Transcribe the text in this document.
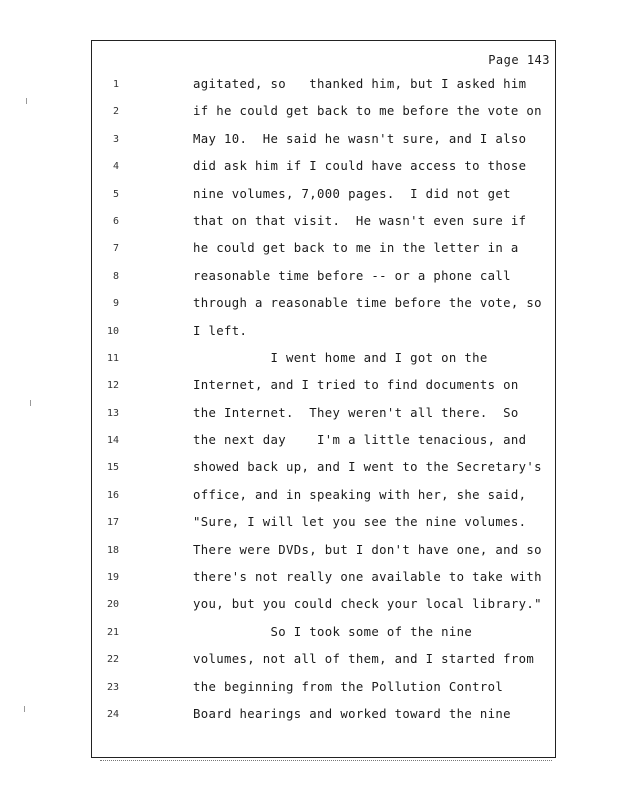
Page 143
1	agitated, so   thanked him, but I asked him
2	if he could get back to me before the vote on
3	May 10.  He said he wasn't sure, and I also
4	did ask him if I could have access to those
5	nine volumes, 7,000 pages.  I did not get
6	that on that visit.  He wasn't even sure if
7	he could get back to me in the letter in a
8	reasonable time before -- or a phone call
9	through a reasonable time before the vote, so
10	I left.
11	I went home and I got on the
12	Internet, and I tried to find documents on
13	the Internet.  They weren't all there.  So
14	the next day    I'm a little tenacious, and
15	showed back up, and I went to the Secretary's
16	office, and in speaking with her, she said,
17	"Sure, I will let you see the nine volumes.
18	There were DVDs, but I don't have one, and so
19	there's not really one available to take with
20	you, but you could check your local library."
21	So I took some of the nine
22	volumes, not all of them, and I started from
23	the beginning from the Pollution Control
24	Board hearings and worked toward the nine
